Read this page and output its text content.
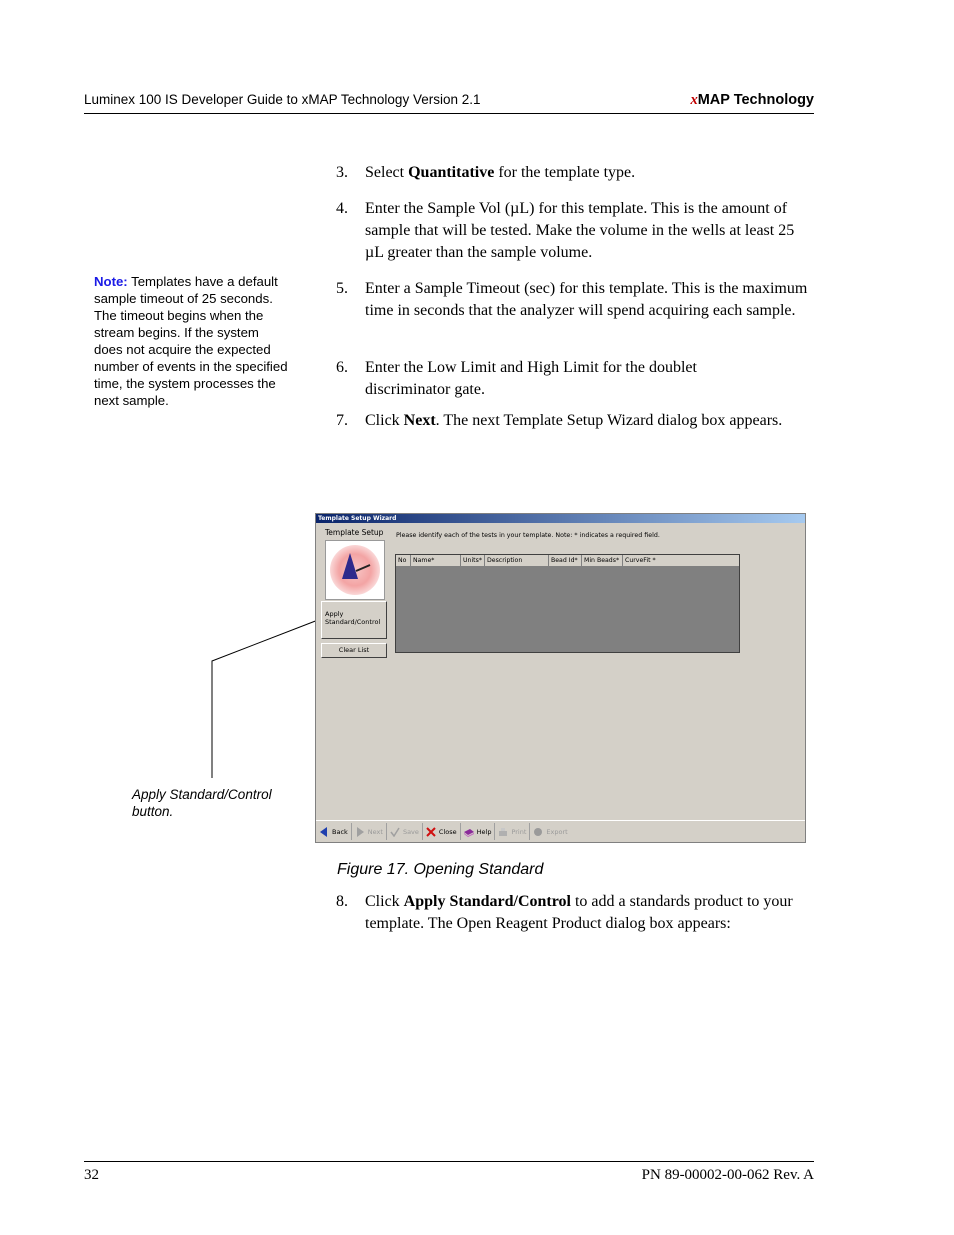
Luminex 100 IS Developer Guide to xMAP Technology Version 2.1	xMAP Technology
3. Select Quantitative for the template type.
4. Enter the Sample Vol (µL) for this template. This is the amount of sample that will be tested. Make the volume in the wells at least 25 µL greater than the sample volume.
5. Enter a Sample Timeout (sec) for this template. This is the maximum time in seconds that the analyzer will spend acquiring each sample.
6. Enter the Low Limit and High Limit for the doublet discriminator gate.
7. Click Next. The next Template Setup Wizard dialog box appears.
Note: Templates have a default sample timeout of 25 seconds. The timeout begins when the stream begins. If the system does not acquire the expected number of events in the specified time, the system processes the next sample.
Apply Standard/Control button.
Template Setup Wizard
Template Setup
Apply
Standard/Control
Clear List
Please identify each of the tests in your template. Note: * indicates a required field.
No	Name*	Units* Description	Bead Id*	Min Beads* CurveFit *
Back	Next	Save	Close	Help	Print	Export
Figure 17. Opening Standard
8. Click Apply Standard/Control to add a standards product to your template. The Open Reagent Product dialog box appears:
32	PN 89-00002-00-062 Rev. A
